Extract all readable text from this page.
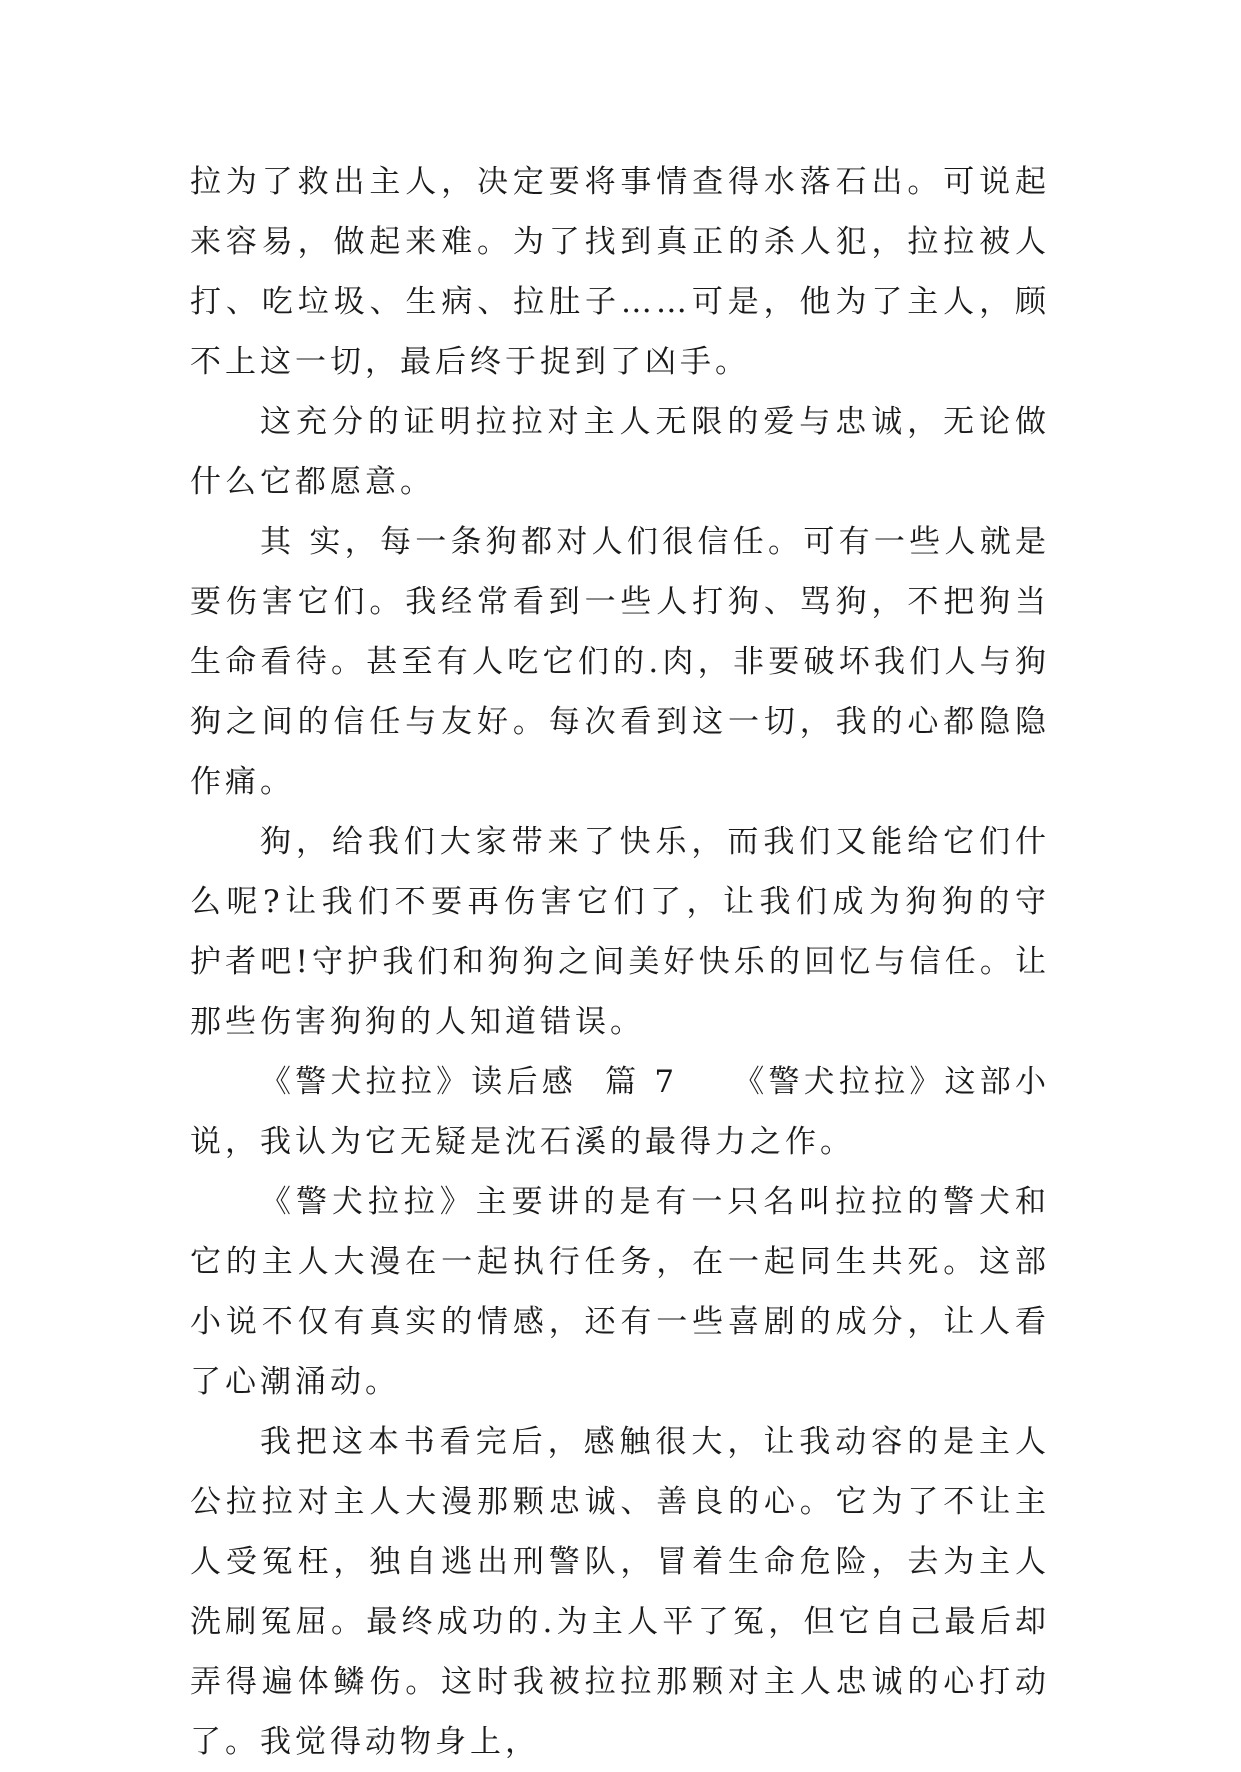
拉为了救出主人，决定要将事情查得水落石出。可说起来容易，做起来难。为了找到真正的杀人犯，拉拉被人打、吃垃圾、生病、拉肚子……可是，他为了主人，顾不上这一切，最后终于捉到了凶手。

这充分的证明拉拉对主人无限的爱与忠诚，无论做什么它都愿意。

其 实，每一条狗都对人们很信任。可有一些人就是要伤害它们。我经常看到一些人打狗、骂狗，不把狗当生命看待。甚至有人吃它们的.肉，非要破坏我们人与狗狗之间的信任与友好。每次看到这一切，我的心都隐隐作痛。

狗，给我们大家带来了快乐，而我们又能给它们什么呢?让我们不要再伤害它们了，让我们成为狗狗的守护者吧!守护我们和狗狗之间美好快乐的回忆与信任。让那些伤害狗狗的人知道错误。

《警犬拉拉》读后感  篇 7　　《警犬拉拉》这部小说，我认为它无疑是沈石溪的最得力之作。

《警犬拉拉》主要讲的是有一只名叫拉拉的警犬和它的主人大漫在一起执行任务，在一起同生共死。这部小说不仅有真实的情感，还有一些喜剧的成分，让人看了心潮涌动。

我把这本书看完后，感触很大，让我动容的是主人公拉拉对主人大漫那颗忠诚、善良的心。它为了不让主人受冤枉，独自逃出刑警队，冒着生命危险，去为主人洗刷冤屈。最终成功的.为主人平了冤，但它自己最后却弄得遍体鳞伤。这时我被拉拉那颗对主人忠诚的心打动了。我觉得动物身上，
